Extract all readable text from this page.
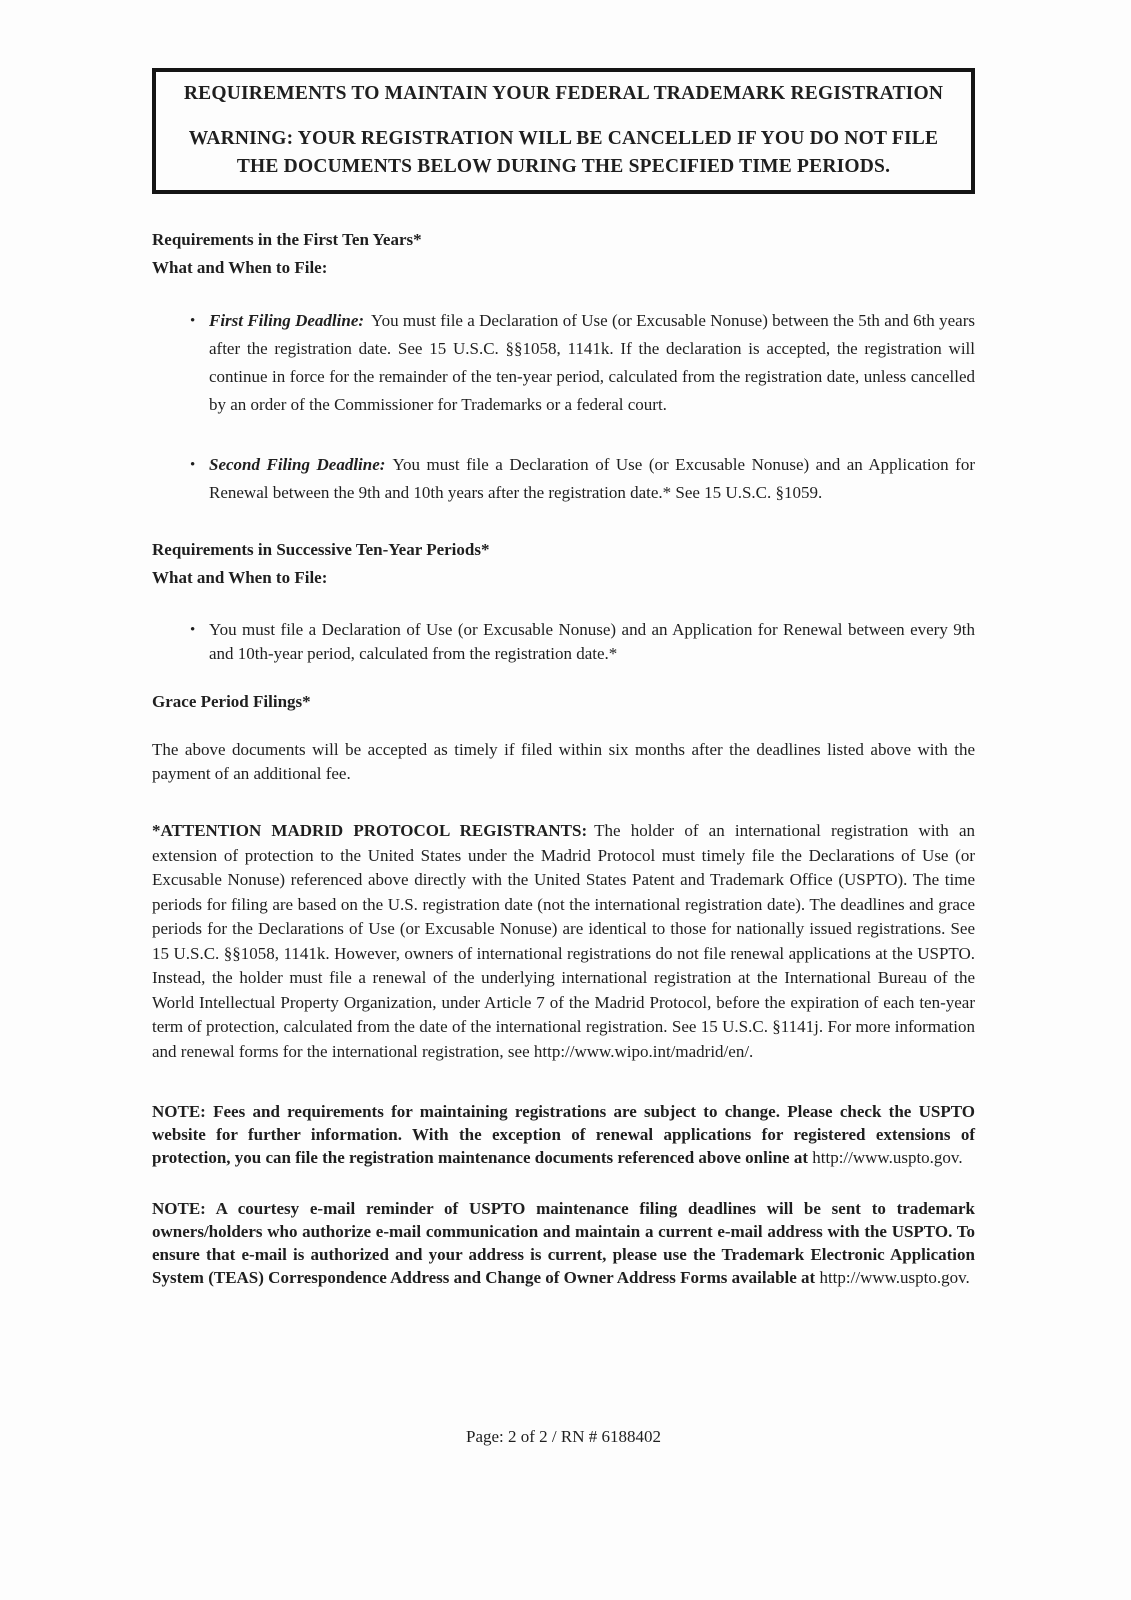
REQUIREMENTS TO MAINTAIN YOUR FEDERAL TRADEMARK REGISTRATION
WARNING: YOUR REGISTRATION WILL BE CANCELLED IF YOU DO NOT FILE THE DOCUMENTS BELOW DURING THE SPECIFIED TIME PERIODS.
Requirements in the First Ten Years*
What and When to File:
• First Filing Deadline: You must file a Declaration of Use (or Excusable Nonuse) between the 5th and 6th years after the registration date. See 15 U.S.C. §§1058, 1141k. If the declaration is accepted, the registration will continue in force for the remainder of the ten-year period, calculated from the registration date, unless cancelled by an order of the Commissioner for Trademarks or a federal court.
• Second Filing Deadline: You must file a Declaration of Use (or Excusable Nonuse) and an Application for Renewal between the 9th and 10th years after the registration date.* See 15 U.S.C. §1059.
Requirements in Successive Ten-Year Periods*
What and When to File:
• You must file a Declaration of Use (or Excusable Nonuse) and an Application for Renewal between every 9th and 10th-year period, calculated from the registration date.*
Grace Period Filings*
The above documents will be accepted as timely if filed within six months after the deadlines listed above with the payment of an additional fee.
*ATTENTION MADRID PROTOCOL REGISTRANTS: The holder of an international registration with an extension of protection to the United States under the Madrid Protocol must timely file the Declarations of Use (or Excusable Nonuse) referenced above directly with the United States Patent and Trademark Office (USPTO). The time periods for filing are based on the U.S. registration date (not the international registration date). The deadlines and grace periods for the Declarations of Use (or Excusable Nonuse) are identical to those for nationally issued registrations. See 15 U.S.C. §§1058, 1141k. However, owners of international registrations do not file renewal applications at the USPTO. Instead, the holder must file a renewal of the underlying international registration at the International Bureau of the World Intellectual Property Organization, under Article 7 of the Madrid Protocol, before the expiration of each ten-year term of protection, calculated from the date of the international registration. See 15 U.S.C. §1141j. For more information and renewal forms for the international registration, see http://www.wipo.int/madrid/en/.
NOTE: Fees and requirements for maintaining registrations are subject to change. Please check the USPTO website for further information. With the exception of renewal applications for registered extensions of protection, you can file the registration maintenance documents referenced above online at http://www.uspto.gov.
NOTE: A courtesy e-mail reminder of USPTO maintenance filing deadlines will be sent to trademark owners/holders who authorize e-mail communication and maintain a current e-mail address with the USPTO. To ensure that e-mail is authorized and your address is current, please use the Trademark Electronic Application System (TEAS) Correspondence Address and Change of Owner Address Forms available at http://www.uspto.gov.
Page: 2 of 2 / RN # 6188402
